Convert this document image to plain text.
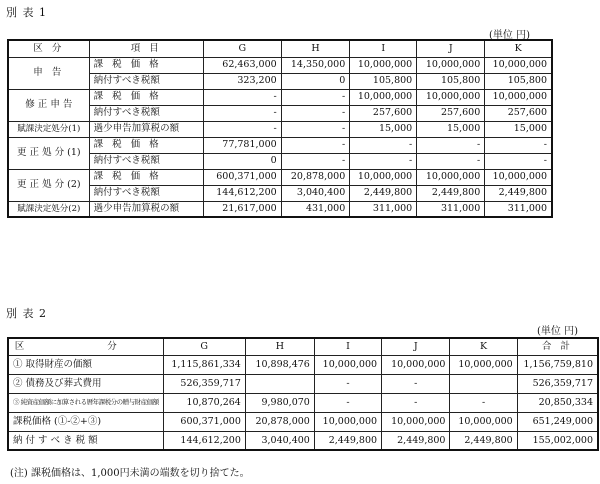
別 表 1
(単位 円)
区 分	項 目	G	H	I	J	K
申 告	課 税 価 格	62,463,000	14,350,000	10,000,000	10,000,000	10,000,000
	納付すべき税額	323,200	0	105,800	105,800	105,800
修 正 申 告	課 税 価 格	-	-	10,000,000	10,000,000	10,000,000
	納付すべき税額	-	-	257,600	257,600	257,600
賦課決定処分(1)	過少申告加算税の額	-	-	15,000	15,000	15,000
更 正 処 分 (1)	課 税 価 格	77,781,000	-	-	-	-
	納付すべき税額	0	-	-	-	-
更 正 処 分 (2)	課 税 価 格	600,371,000	20,878,000	10,000,000	10,000,000	10,000,000
	納付すべき税額	144,612,200	3,040,400	2,449,800	2,449,800	2,449,800
賦課決定処分(2)	過少申告加算税の額	21,617,000	431,000	311,000	311,000	311,000
別 表 2
(単位 円)
区 分	G	H	I	J	K	合 計
① 取得財産の価額	1,115,861,334	10,898,476	10,000,000	10,000,000	10,000,000	1,156,759,810
② 債務及び葬式費用	526,359,717		-	-		526,359,717
③ 純資産価額に加算される暦年課税分の贈与財産価額	10,870,264	9,980,070	-	-	-	20,850,334
課税価格 (①-②+③)	600,371,000	20,878,000	10,000,000	10,000,000	10,000,000	651,249,000
納 付 す べ き 税 額	144,612,200	3,040,400	2,449,800	2,449,800	2,449,800	155,002,000
(注) 課税価格は、1,000円未満の端数を切り捨てた。
